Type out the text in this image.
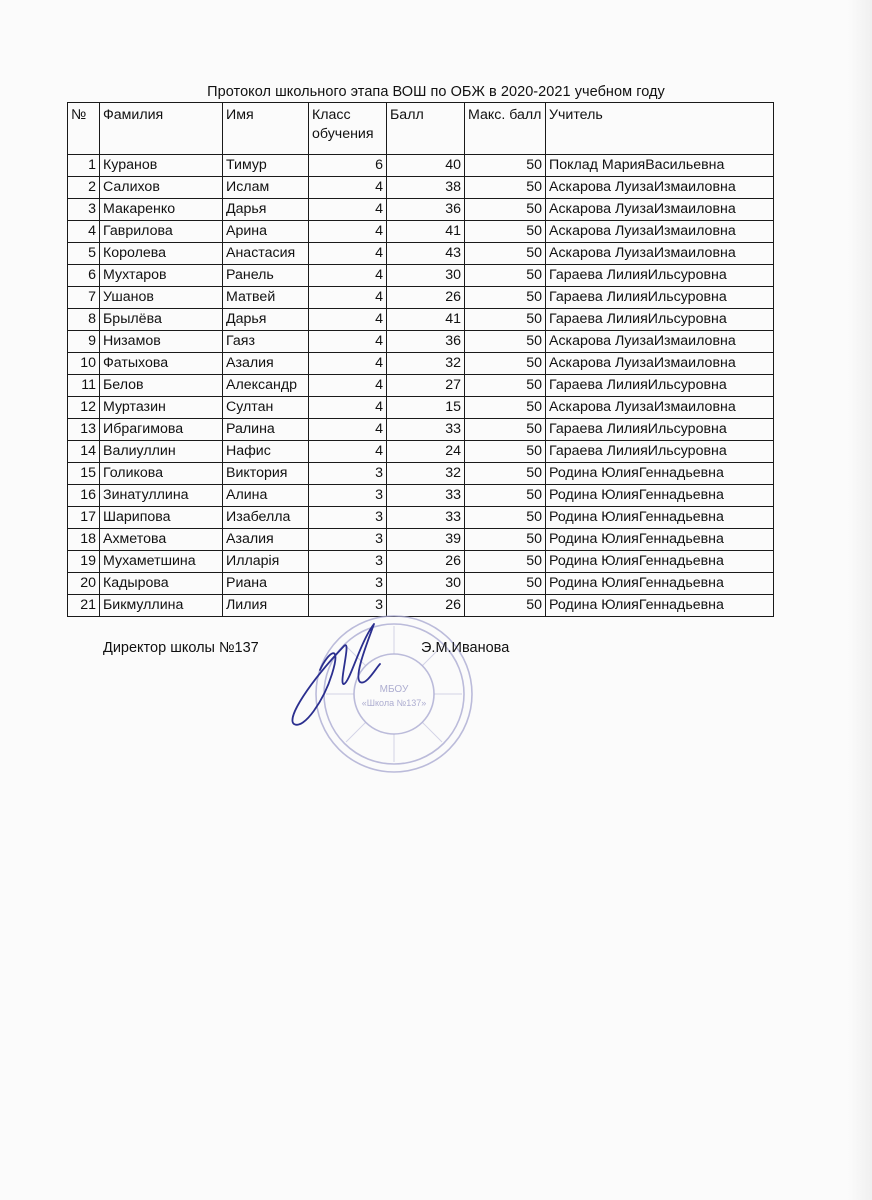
Протокол школьного этапа ВОШ по ОБЖ в 2020-2021 учебном году
№	Фамилия	Имя	Класс обучения	Балл	Макс. балл	Учитель
1	Куранов	Тимур	6	40	50	Поклад МарияВасильевна
2	Салихов	Ислам	4	38	50	Аскарова ЛуизаИзмаиловна
3	Макаренко	Дарья	4	36	50	Аскарова ЛуизаИзмаиловна
4	Гаврилова	Арина	4	41	50	Аскарова ЛуизаИзмаиловна
5	Королева	Анастасия	4	43	50	Аскарова ЛуизаИзмаиловна
6	Мухтаров	Ранель	4	30	50	Гараева ЛилияИльсуровна
7	Ушанов	Матвей	4	26	50	Гараева ЛилияИльсуровна
8	Брылёва	Дарья	4	41	50	Гараева ЛилияИльсуровна
9	Низамов	Гаяз	4	36	50	Аскарова ЛуизаИзмаиловна
10	Фатыхова	Азалия	4	32	50	Аскарова ЛуизаИзмаиловна
11	Белов	Александр	4	27	50	Гараева ЛилияИльсуровна
12	Муртазин	Султан	4	15	50	Аскарова ЛуизаИзмаиловна
13	Ибрагимова	Ралина	4	33	50	Гараева ЛилияИльсуровна
14	Валиуллин	Нафис	4	24	50	Гараева ЛилияИльсуровна
15	Голикова	Виктория	3	32	50	Родина ЮлияГеннадьевна
16	Зинатуллина	Алина	3	33	50	Родина ЮлияГеннадьевна
17	Шарипова	Изабелла	3	33	50	Родина ЮлияГеннадьевна
18	Ахметова	Азалия	3	39	50	Родина ЮлияГеннадьевна
19	Мухаметшина	Илларія	3	26	50	Родина ЮлияГеннадьевна
20	Кадырова	Риана	3	30	50	Родина ЮлияГеннадьевна
21	Бикмуллина	Лилия	3	26	50	Родина ЮлияГеннадьевна
МБОУ
«Школа №137»
Директор школы №137	Э.М.Иванова
